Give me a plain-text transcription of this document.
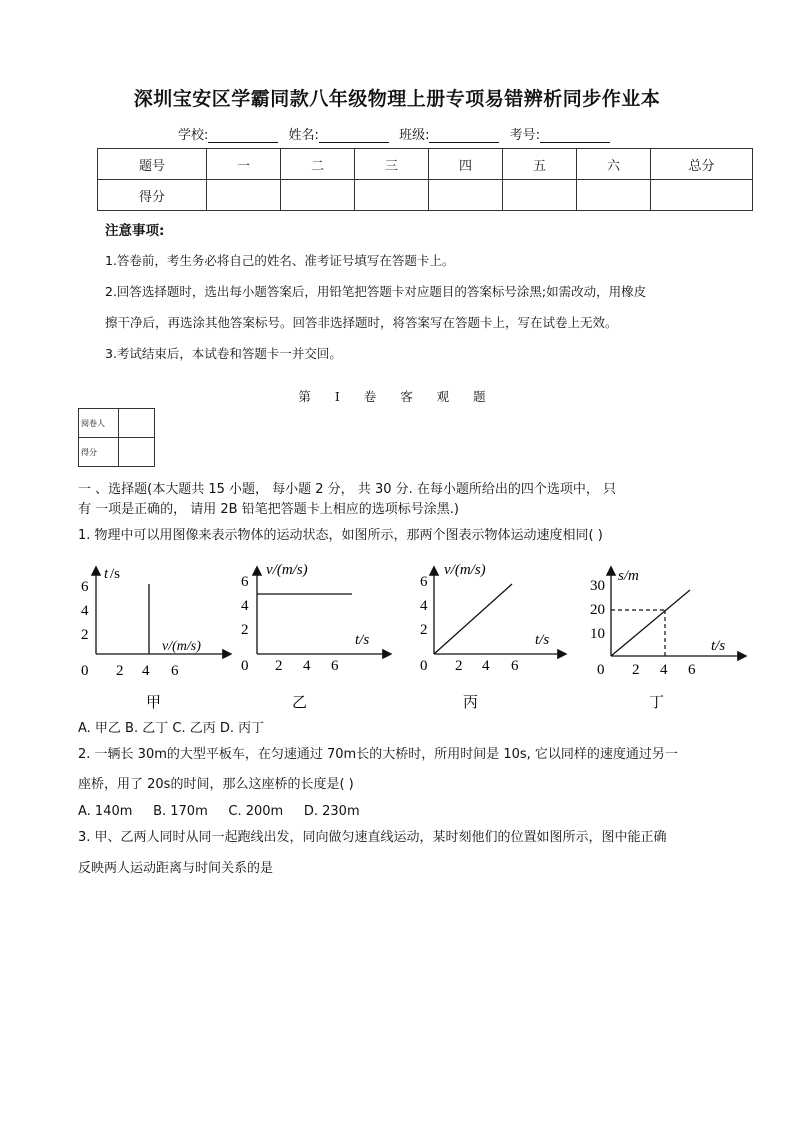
深圳宝安区学霸同款八年级物理上册专项易错辨析同步作业本
学校:	姓名:	班级:	考号:
题号	一	二	三	四	五	六	总分
得分							
注意事项:
1.答卷前，考生务必将自己的姓名、准考证号填写在答题卡上。
2.回答选择题时，选出每小题答案后，用铅笔把答题卡对应题目的答案标号涂黑;如需改动，用橡皮
擦干净后，再选涂其他答案标号。回答非选择题时，将答案写在答题卡上，写在试卷上无效。
3.考试结束后，本试卷和答题卡一并交回。
第 I 卷 客 观 题
阅卷人	
得分	
一 、选择题(本大题共 15 小题， 每小题 2 分， 共 30 分. 在每小题所给出的四个选项中， 只
有 一项是正确的， 请用 2B 铅笔把答题卡上相应的选项标号涂黑.)
1. 物理中可以用图像来表示物体的运动状态，如图所示，那两个图表示物体运动速度相同( )
t /s
v/(m/s)
6
4
2
0 2 4 6
甲
v/(m/s)
t/s
6
4
2
0 2 4 6
乙
v/(m/s)
t/s
6
4
2
0 2 4 6
丙
s/m
t/s
30
20
10
0 2 4 6
丁
A. 甲乙 B. 乙丁 C. 乙丙 D. 丙丁
2. 一辆长 30m的大型平板车，在匀速通过 70m长的大桥时，所用时间是 10s, 它以同样的速度通过另一
座桥，用了 20s的时间，那么这座桥的长度是( )
A. 140m     B. 170m     C. 200m     D. 230m
3. 甲、乙两人同时从同一起跑线出发，同向做匀速直线运动，某时刻他们的位置如图所示，图中能正确
反映两人运动距离与时间关系的是
